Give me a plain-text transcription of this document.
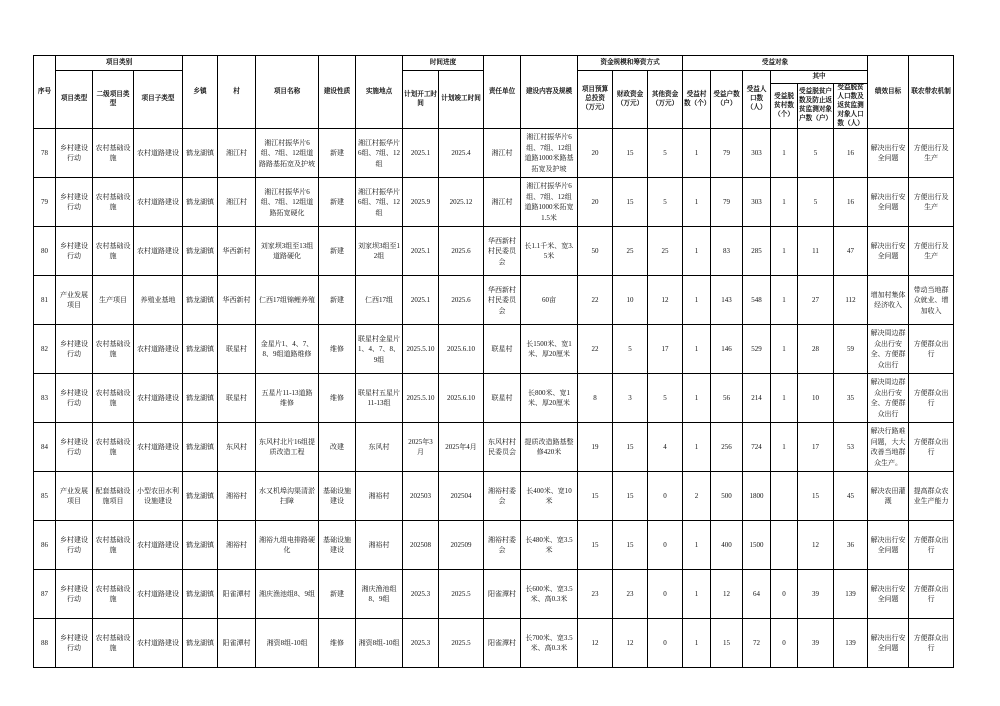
序号	项目类别			乡镇	村	项目名称	建设性质	实施地点	时间进度		责任单位	建设内容及规模	资金规模和筹资方式			受益对象						绩效目标	联农带农机制
	项目类型	二级项目类型	项目子类型						计划开工时间	计划竣工时间			项目预算总投资（万元）	财政资金（万元）	其他资金（万元）	受益村数（个）	受益户数（户）	受益人口数（人）	其中				
																			受益脱贫村数（个）	受益脱贫户数及防止返贫监测对象户数（户）	受益脱贫人口数及返贫监测对象人口数（人）		
78	乡村建设行动	农村基础设施	农村道路建设	鹤龙湖镇	湘江村	湘江村振华片6组、7组、12组道路路基拓宽及护坡	新建	湘江村振华片6组、7组、12组	2025.1	2025.4	湘江村	湘江村振华片6组、7组、12组道路1000米路基拓宽及护坡	20	15	5	1	79	303	1	5	16	解决出行安全问题	方便出行及生产
79	乡村建设行动	农村基础设施	农村道路建设	鹤龙湖镇	湘江村	湘江村振华片6组、7组、12组道路拓宽硬化	新建	湘江村振华片6组、7组、12组	2025.9	2025.12	湘江村	湘江村振华片6组、7组、12组道路1000米拓宽1.5米	20	15	5	1	79	303	1	5	16	解决出行安全问题	方便出行及生产
80	乡村建设行动	农村基础设施	农村道路建设	鹤龙湖镇	华西新村	刘家坝3组至13组道路硬化	新建	刘家坝3组至12组	2025.1	2025.6	华西新村村民委员会	长1.1千米、宽3.5米	50	25	25	1	83	285	1	11	47	解决出行安全问题	方便出行及生产
81	产业发展项目	生产项目	养殖业基地	鹤龙湖镇	华西新村	仁西17组锦鲤养殖	新建	仁西17组	2025.1	2025.6	华西新村村民委员会	60亩	22	10	12	1	143	548	1	27	112	增加村集体经济收入	带动当地群众就业、增加收入
82	乡村建设行动	农村基础设施	农村道路建设	鹤龙湖镇	联星村	金星片1、4、7、8、9组道路维修	维修	联星村金星片1、4、7、8、9组	2025.5.10	2025.6.10	联星村	长1500米、宽1米、厚20厘米	22	5	17	1	146	529	1	28	59	解决周边群众出行安全、方便群众出行	方便群众出行
83	乡村建设行动	农村基础设施	农村道路建设	鹤龙湖镇	联星村	五星片11-13道路维修	维修	联星村五星片11-13组	2025.5.10	2025.6.10	联星村	长800米、宽1米、厚20厘米	8	3	5	1	56	214	1	10	35	解决周边群众出行安全、方便群众出行	方便群众出行
84	乡村建设行动	农村基础设施	农村道路建设	鹤龙湖镇	东风村	东风村北片16组提质改造工程	改建	东风村	2025年3月	2025年4月	东风村村民委员会	提质改造路基整修420米	19	15	4	1	256	724	1	17	53	解决行路难问题，大大改善当地群众生产。	方便群众出行
85	产业发展项目	配套基础设施项目	小型农田水利设施建设	鹤龙湖镇	湘裕村	水又机埠沟渠清淤扫障	基础设施建设	湘裕村	202503	202504	湘裕村委会	长400米、宽10米	15	15	0	2	500	1800		15	45	解决农田灌溉	提高群众农业生产能力
86	乡村建设行动	农村基础设施	农村道路建设	鹤龙湖镇	湘裕村	湘裕九组电排路硬化	基础设施建设	湘裕村	202508	202509	湘裕村委会	长480米、宽3.5米	15	15	0	1	400	1500		12	36	解决出行安全问题	方便群众出行
87	乡村建设行动	农村基础设施	农村道路建设	鹤龙湖镇	阳雀潭村	湘庆渔池组8、9组	新建	湘庆渔池组8、9组	2025.3	2025.5	阳雀潭村	长600米、宽3.5米、高0.3米	23	23	0	1	12	64	0	39	139	解决出行安全问题	方便群众出行
88	乡村建设行动	农村基础设施	农村道路建设	鹤龙湖镇	阳雀潭村	湘资8组-10组	维修	湘资8组-10组	2025.3	2025.5	阳雀潭村	长700米、宽3.5米、高0.3米	12	12	0	1	15	72	0	39	139	解决出行安全问题	方便群众出行
